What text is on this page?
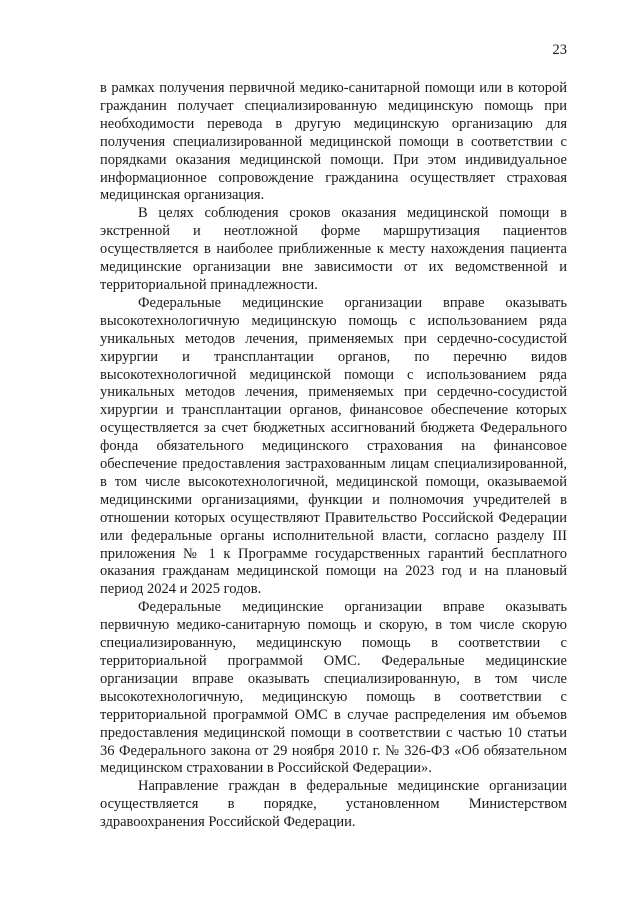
23

в рамках получения первичной медико-санитарной помощи или в которой гражданин получает специализированную медицинскую помощь при необходимости перевода в другую медицинскую организацию для получения специализированной медицинской помощи в соответствии с порядками оказания медицинской помощи. При этом индивидуальное информационное сопровождение гражданина осуществляет страховая медицинская организация.

В целях соблюдения сроков оказания медицинской помощи в экстренной и неотложной форме маршрутизация пациентов осуществляется в наиболее приближенные к месту нахождения пациента медицинские организации вне зависимости от их ведомственной и территориальной принадлежности.

Федеральные медицинские организации вправе оказывать высокотехнологичную медицинскую помощь с использованием ряда уникальных методов лечения, применяемых при сердечно-сосудистой хирургии и трансплантации органов, по перечню видов высокотехнологичной медицинской помощи с использованием ряда уникальных методов лечения, применяемых при сердечно-сосудистой хирургии и трансплантации органов, финансовое обеспечение которых осуществляется за счет бюджетных ассигнований бюджета Федерального фонда обязательного медицинского страхования на финансовое обеспечение предоставления застрахованным лицам специализированной, в том числе высокотехнологичной, медицинской помощи, оказываемой медицинскими организациями, функции и полномочия учредителей в отношении которых осуществляют Правительство Российской Федерации или федеральные органы исполнительной власти, согласно разделу III приложения № 1 к Программе государственных гарантий бесплатного оказания гражданам медицинской помощи на 2023 год и на плановый период 2024 и 2025 годов.

Федеральные медицинские организации вправе оказывать первичную медико-санитарную помощь и скорую, в том числе скорую специализированную, медицинскую помощь в соответствии с территориальной программой ОМС. Федеральные медицинские организации вправе оказывать специализированную, в том числе высокотехнологичную, медицинскую помощь в соответствии с территориальной программой ОМС в случае распределения им объемов предоставления медицинской помощи в соответствии с частью 10 статьи 36 Федерального закона от 29 ноября 2010 г. № 326-ФЗ «Об обязательном медицинском страховании в Российской Федерации».

Направление граждан в федеральные медицинские организации осуществляется в порядке, установленном Министерством здравоохранения Российской Федерации.
